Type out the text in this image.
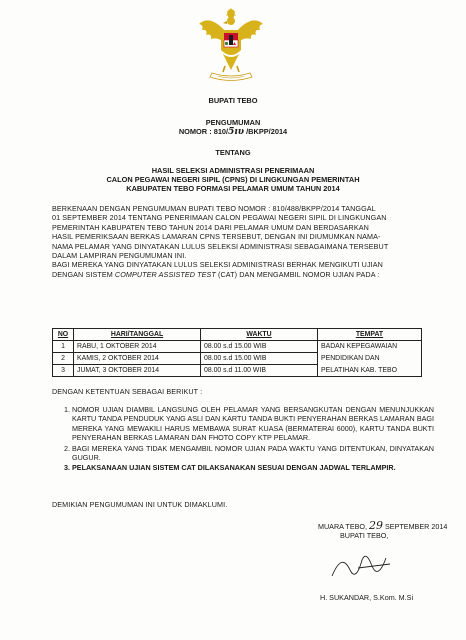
BUPATI TEBO
PENGUMUMAN
NOMOR : 810/5ıυ /BKPP/2014
TENTANG
HASIL SELEKSI ADMINISTRASI PENERIMAAN
CALON PEGAWAI NEGERI SIPIL (CPNS) DI LINGKUNGAN PEMERINTAH
KABUPATEN TEBO FORMASI PELAMAR UMUM TAHUN 2014
BERKENAAN DENGAN PENGUMUMAN BUPATI TEBO NOMOR : 810/488/BKPP/2014 TANGGAL
01 SEPTEMBER 2014 TENTANG PENERIMAAN CALON PEGAWAI NEGERI SIPIL DI LINGKUNGAN
PEMERINTAH KABUPATEN TEBO TAHUN 2014 DARI PELAMAR UMUM DAN BERDASARKAN
HASIL PEMERIKSAAN BERKAS LAMARAN CPNS TERSEBUT, DENGAN INI DIUMUMKAN NAMA-
NAMA PELAMAR YANG DINYATAKAN LULUS SELEKSI ADMINISTRASI SEBAGAIMANA TERSEBUT
DALAM LAMPIRAN PENGUMUMAN INI.
BAGI MEREKA YANG DINYATAKAN LULUS SELEKSI ADMINISTRASI BERHAK MENGIKUTI UJIAN
DENGAN SISTEM COMPUTER ASSISTED TEST (CAT) DAN MENGAMBIL NOMOR UJIAN PADA :
NO	HARI/TANGGAL	WAKTU	TEMPAT
1	RABU, 1 OKTOBER 2014	08.00 s.d 15.00 WIB	BADAN KEPEGAWAIAN
2	KAMIS, 2 OKTOBER 2014	08.00 s.d 15.00 WIB	PENDIDIKAN DAN
3	JUMAT, 3 OKTOBER 2014	08.00 s.d 11.00 WIB	PELATIHAN KAB. TEBO
DENGAN KETENTUAN SEBAGAI BERIKUT :
1. NOMOR UJIAN DIAMBIL LANGSUNG OLEH PELAMAR YANG BERSANGKUTAN DENGAN MENUNJUKKAN KARTU TANDA PENDUDUK YANG ASLI DAN KARTU TANDA BUKTI PENYERAHAN BERKAS LAMARAN BAGI MEREKA YANG MEWAKILI HARUS MEMBAWA SURAT KUASA (BERMATERAI 6000), KARTU TANDA BUKTI PENYERAHAN BERKAS LAMARAN DAN FHOTO COPY KTP PELAMAR.
2. BAGI MEREKA YANG TIDAK MENGAMBIL NOMOR UJIAN PADA WAKTU YANG DITENTUKAN, DINYATAKAN GUGUR.
3. PELAKSANAAN UJIAN SISTEM CAT DILAKSANAKAN SESUAI DENGAN JADWAL TERLAMPIR.
DEMIKIAN PENGUMUMAN INI UNTUK DIMAKLUMI.
MUARA TEBO, 29 SEPTEMBER 2014
BUPATI TEBO,
H. SUKANDAR, S.Kom. M.Si
